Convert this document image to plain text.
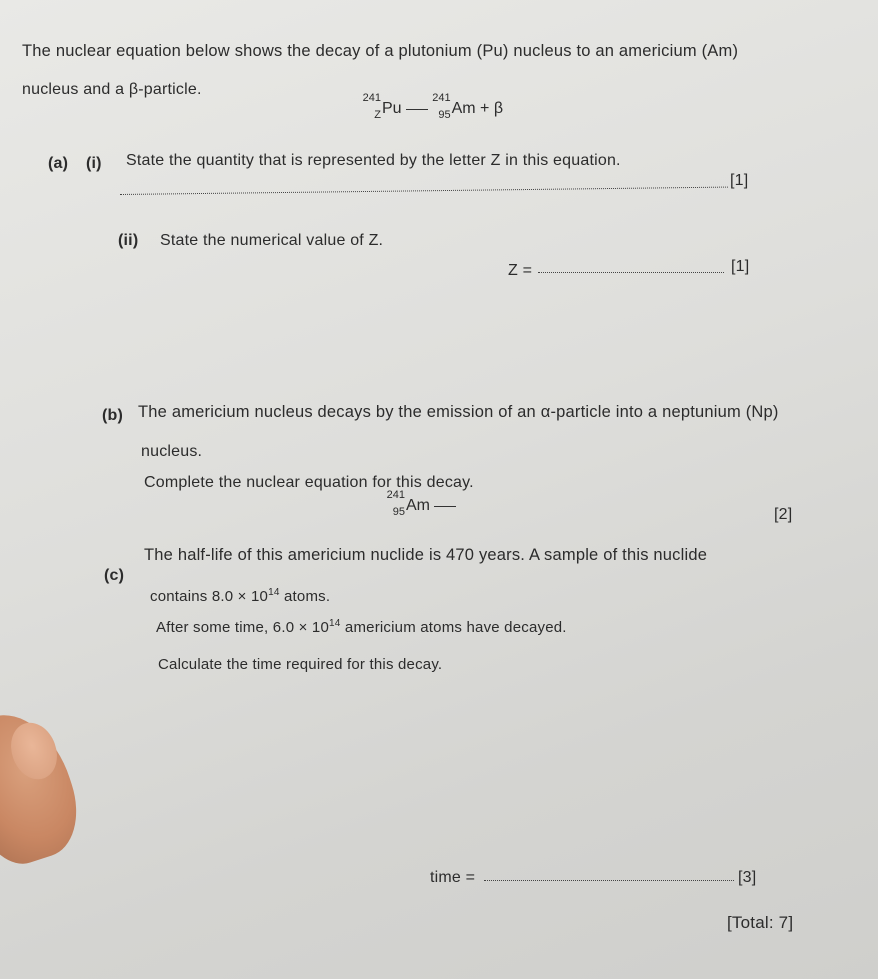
The nuclear equation below shows the decay of a plutonium (Pu) nucleus to an americium (Am)
nucleus and a β-particle.	241
Z Pu
241
95 Am + β
(a) (i) State the quantity that is represented by the letter Z in this equation.
[1]
(ii) State the numerical value of Z.
Z =	[1]
(b) The americium nucleus decays by the emission of an α-particle into a neptunium (Np)
nucleus.
Complete the nuclear equation for this decay.
241
95 Am
[2]
(c)
The half-life of this americium nuclide is 470 years. A sample of this nuclide
contains $8.0 \times 10^{14}$ atoms.
After some time, $6.0 \times 10^{14}$ americium atoms have decayed.
Calculate the time required for this decay.
time =	[3]
[Total: 7]
